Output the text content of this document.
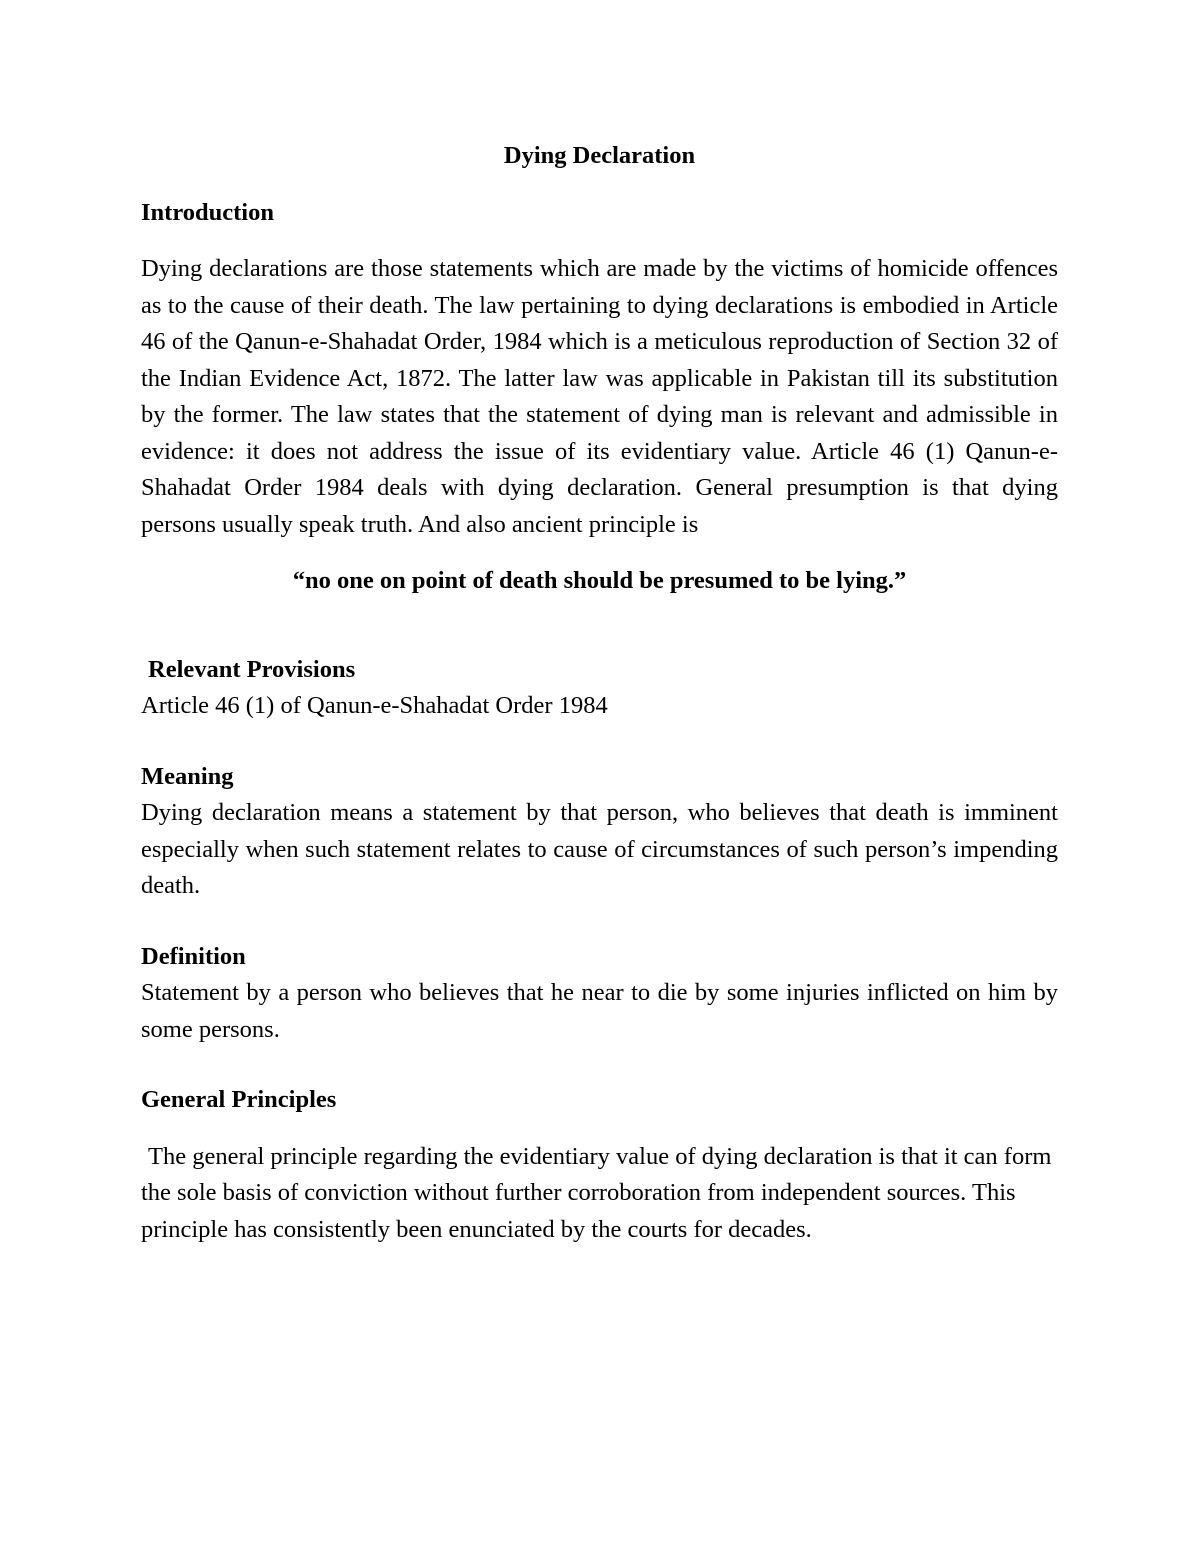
Dying Declaration

Introduction

Dying declarations are those statements which are made by the victims of homicide offences as to the cause of their death. The law pertaining to dying declarations is embodied in Article 46 of the Qanun-e-Shahadat Order, 1984 which is a meticulous reproduction of Section 32 of the Indian Evidence Act, 1872. The latter law was applicable in Pakistan till its substitution by the former. The law states that the statement of dying man is relevant and admissible in evidence: it does not address the issue of its evidentiary value. Article 46 (1) Qanun-e-Shahadat Order 1984 deals with dying declaration. General presumption is that dying persons usually speak truth. And also ancient principle is

“no one on point of death should be presumed to be lying.”

Relevant Provisions

Article 46 (1) of Qanun-e-Shahadat Order 1984

Meaning

Dying declaration means a statement by that person, who believes that death is imminent especially when such statement relates to cause of circumstances of such person’s impending death.

Definition

Statement by a person who believes that he near to die by some injuries inflicted on him by some persons.

General Principles

The general principle regarding the evidentiary value of dying declaration is that it can form the sole basis of conviction without further corroboration from independent sources. This principle has consistently been enunciated by the courts for decades.
